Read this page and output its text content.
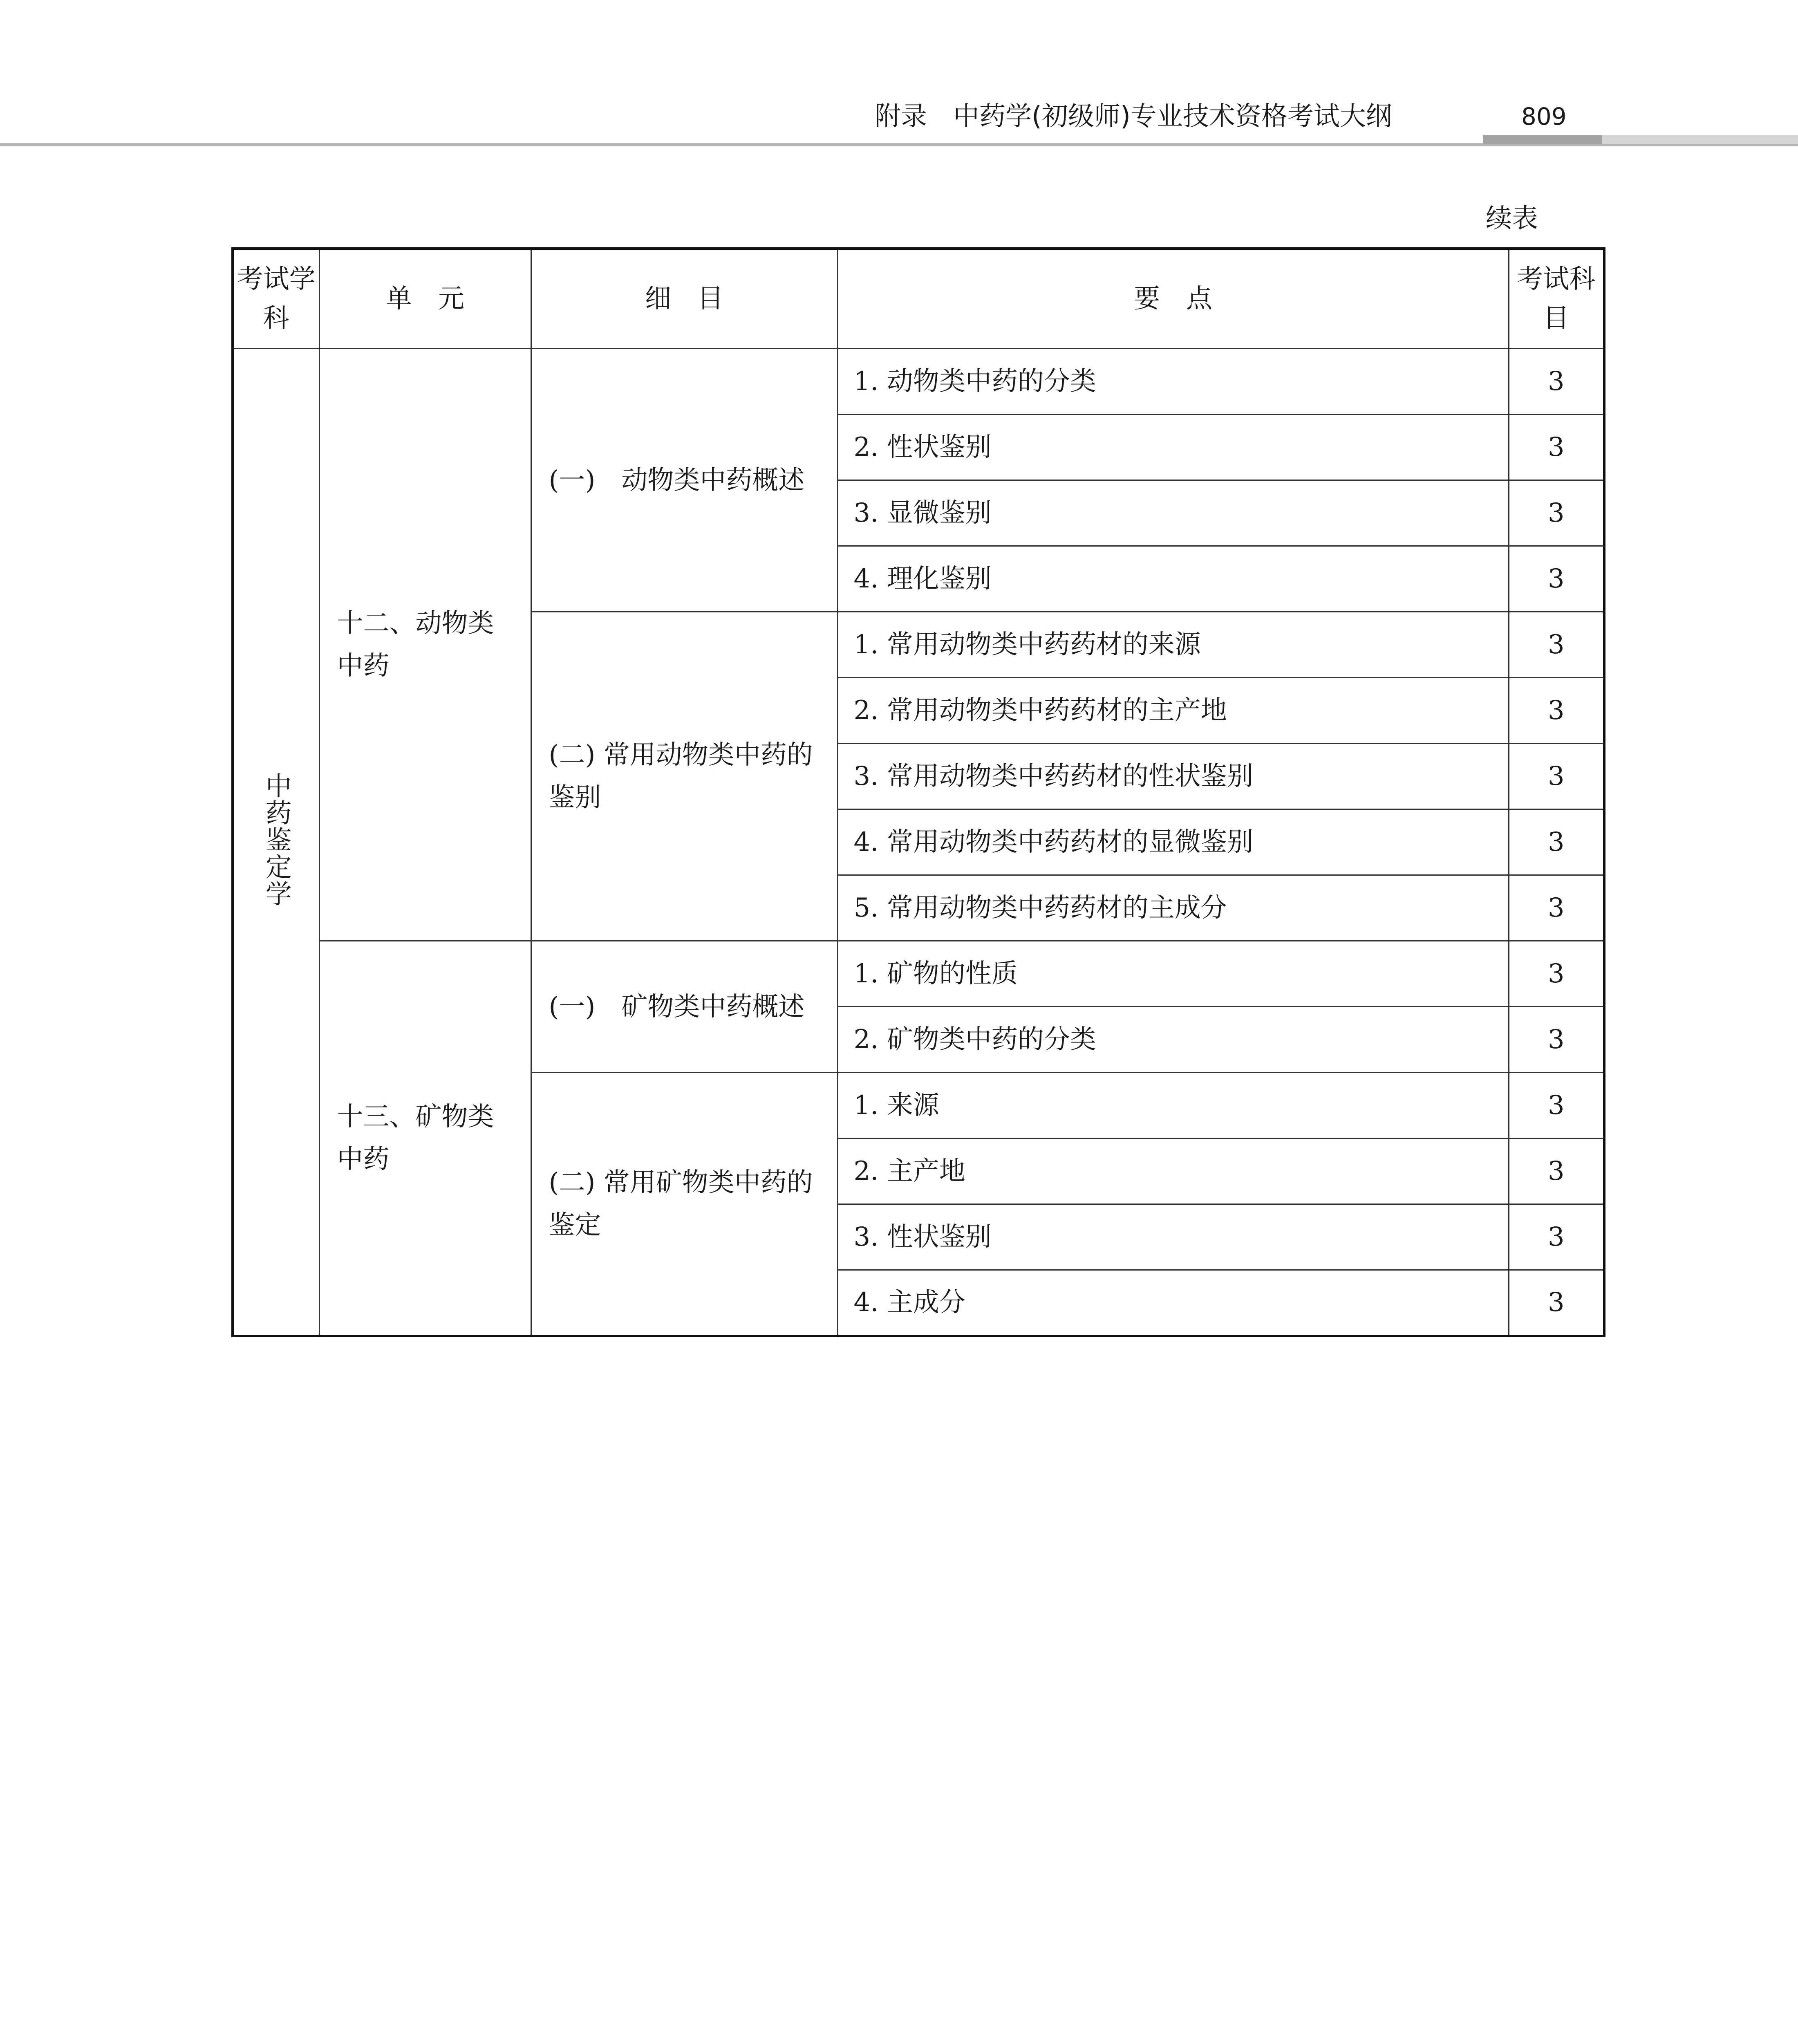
附录　中药学(初级师)专业技术资格考试大纲	809
续表
考试学科	单　元	细　目	要　点	考试科目
中药鉴定学	十二、动物类中药	(一)　动物类中药概述	1. 动物类中药的分类	3
			2. 性状鉴别	3
			3. 显微鉴别	3
			4. 理化鉴别	3
		(二) 常用动物类中药的鉴别	1. 常用动物类中药药材的来源	3
			2. 常用动物类中药药材的主产地	3
			3. 常用动物类中药药材的性状鉴别	3
			4. 常用动物类中药药材的显微鉴别	3
			5. 常用动物类中药药材的主成分	3
	十三、矿物类中药	(一)　矿物类中药概述	1. 矿物的性质	3
			2. 矿物类中药的分类	3
		(二) 常用矿物类中药的鉴定	1. 来源	3
			2. 主产地	3
			3. 性状鉴别	3
			4. 主成分	3
